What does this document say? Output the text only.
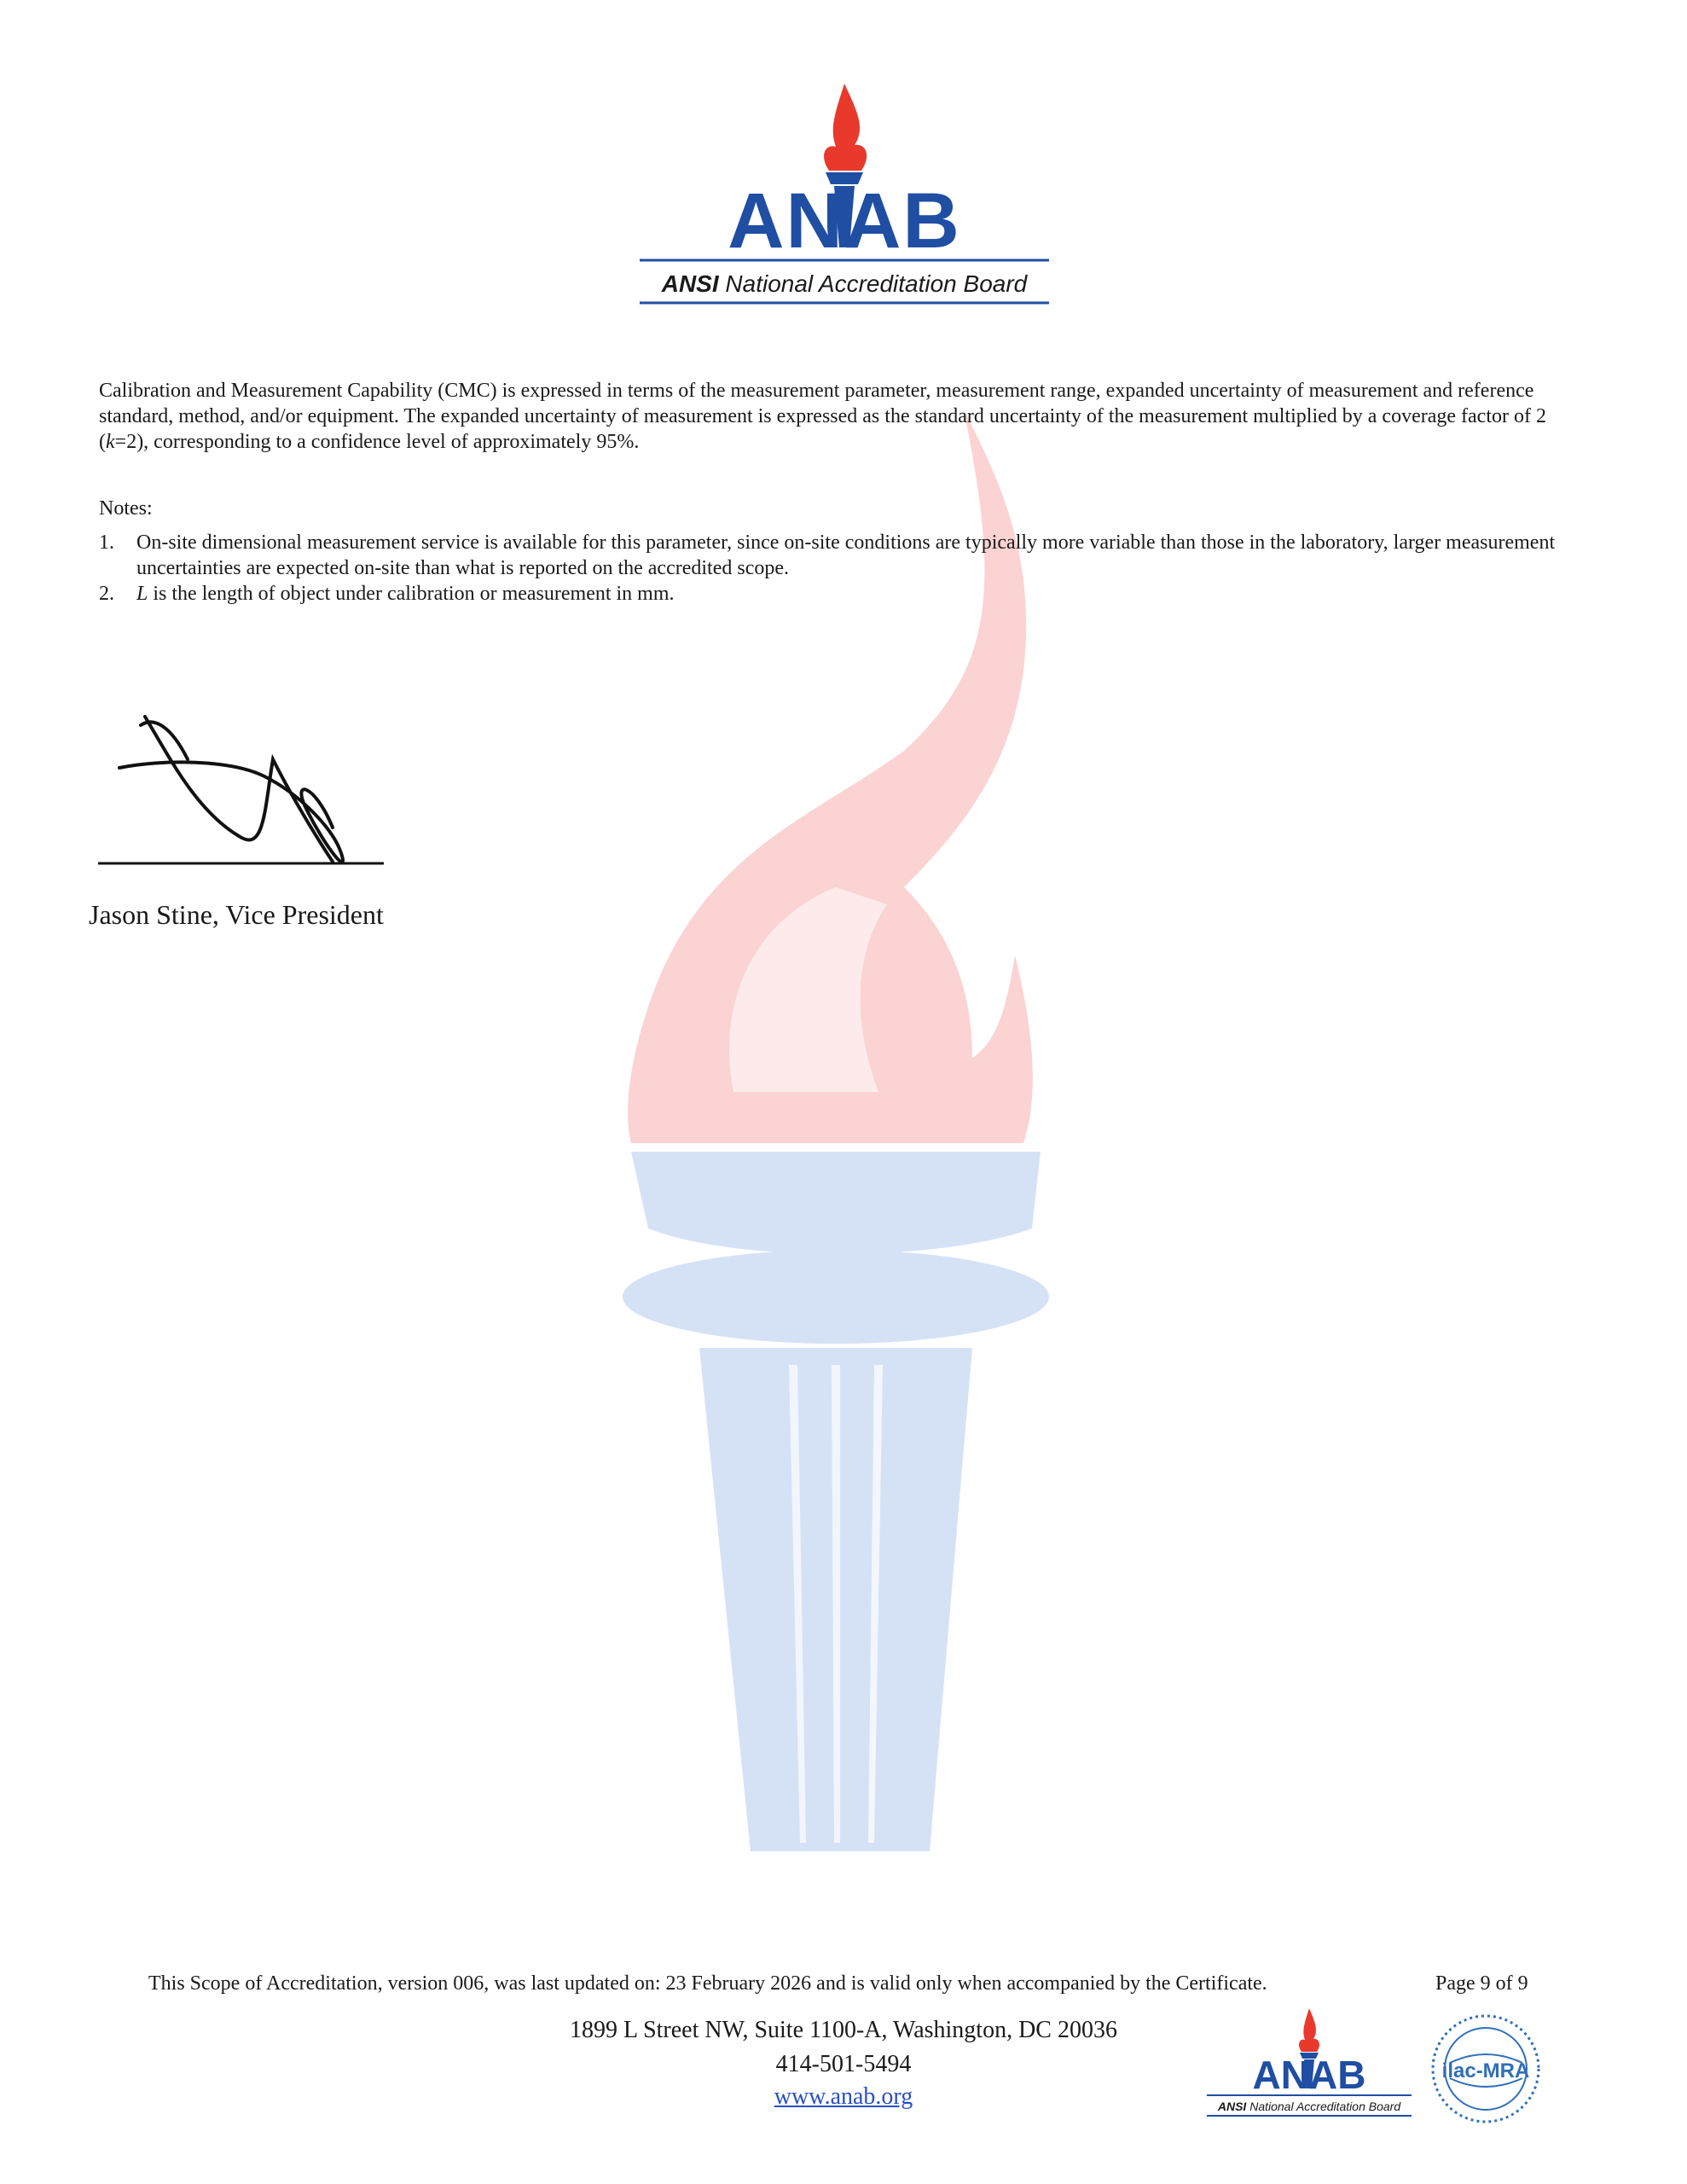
ANAB
ANSI National Accreditation Board
Calibration and Measurement Capability (CMC) is expressed in terms of the measurement parameter, measurement range, expanded uncertainty of measurement and reference standard, method, and/or equipment. The expanded uncertainty of measurement is expressed as the standard uncertainty of the measurement multiplied by a coverage factor of 2 (k=2), corresponding to a confidence level of approximately 95%.
Notes:
1.	On-site dimensional measurement service is available for this parameter, since on-site conditions are typically more variable than those in the laboratory, larger measurement uncertainties are expected on-site than what is reported on the accredited scope.
2.	L is the length of object under calibration or measurement in mm.
Jason Stine, Vice President
This Scope of Accreditation, version 006, was last updated on: 23 February 2026 and is valid only when accompanied by the Certificate.	Page 9 of 9
1899 L Street NW, Suite 1100-A, Washington, DC 20036
414-501-5494
www.anab.org	ANAB
ANSI National Accreditation Board
ilac-MRA
